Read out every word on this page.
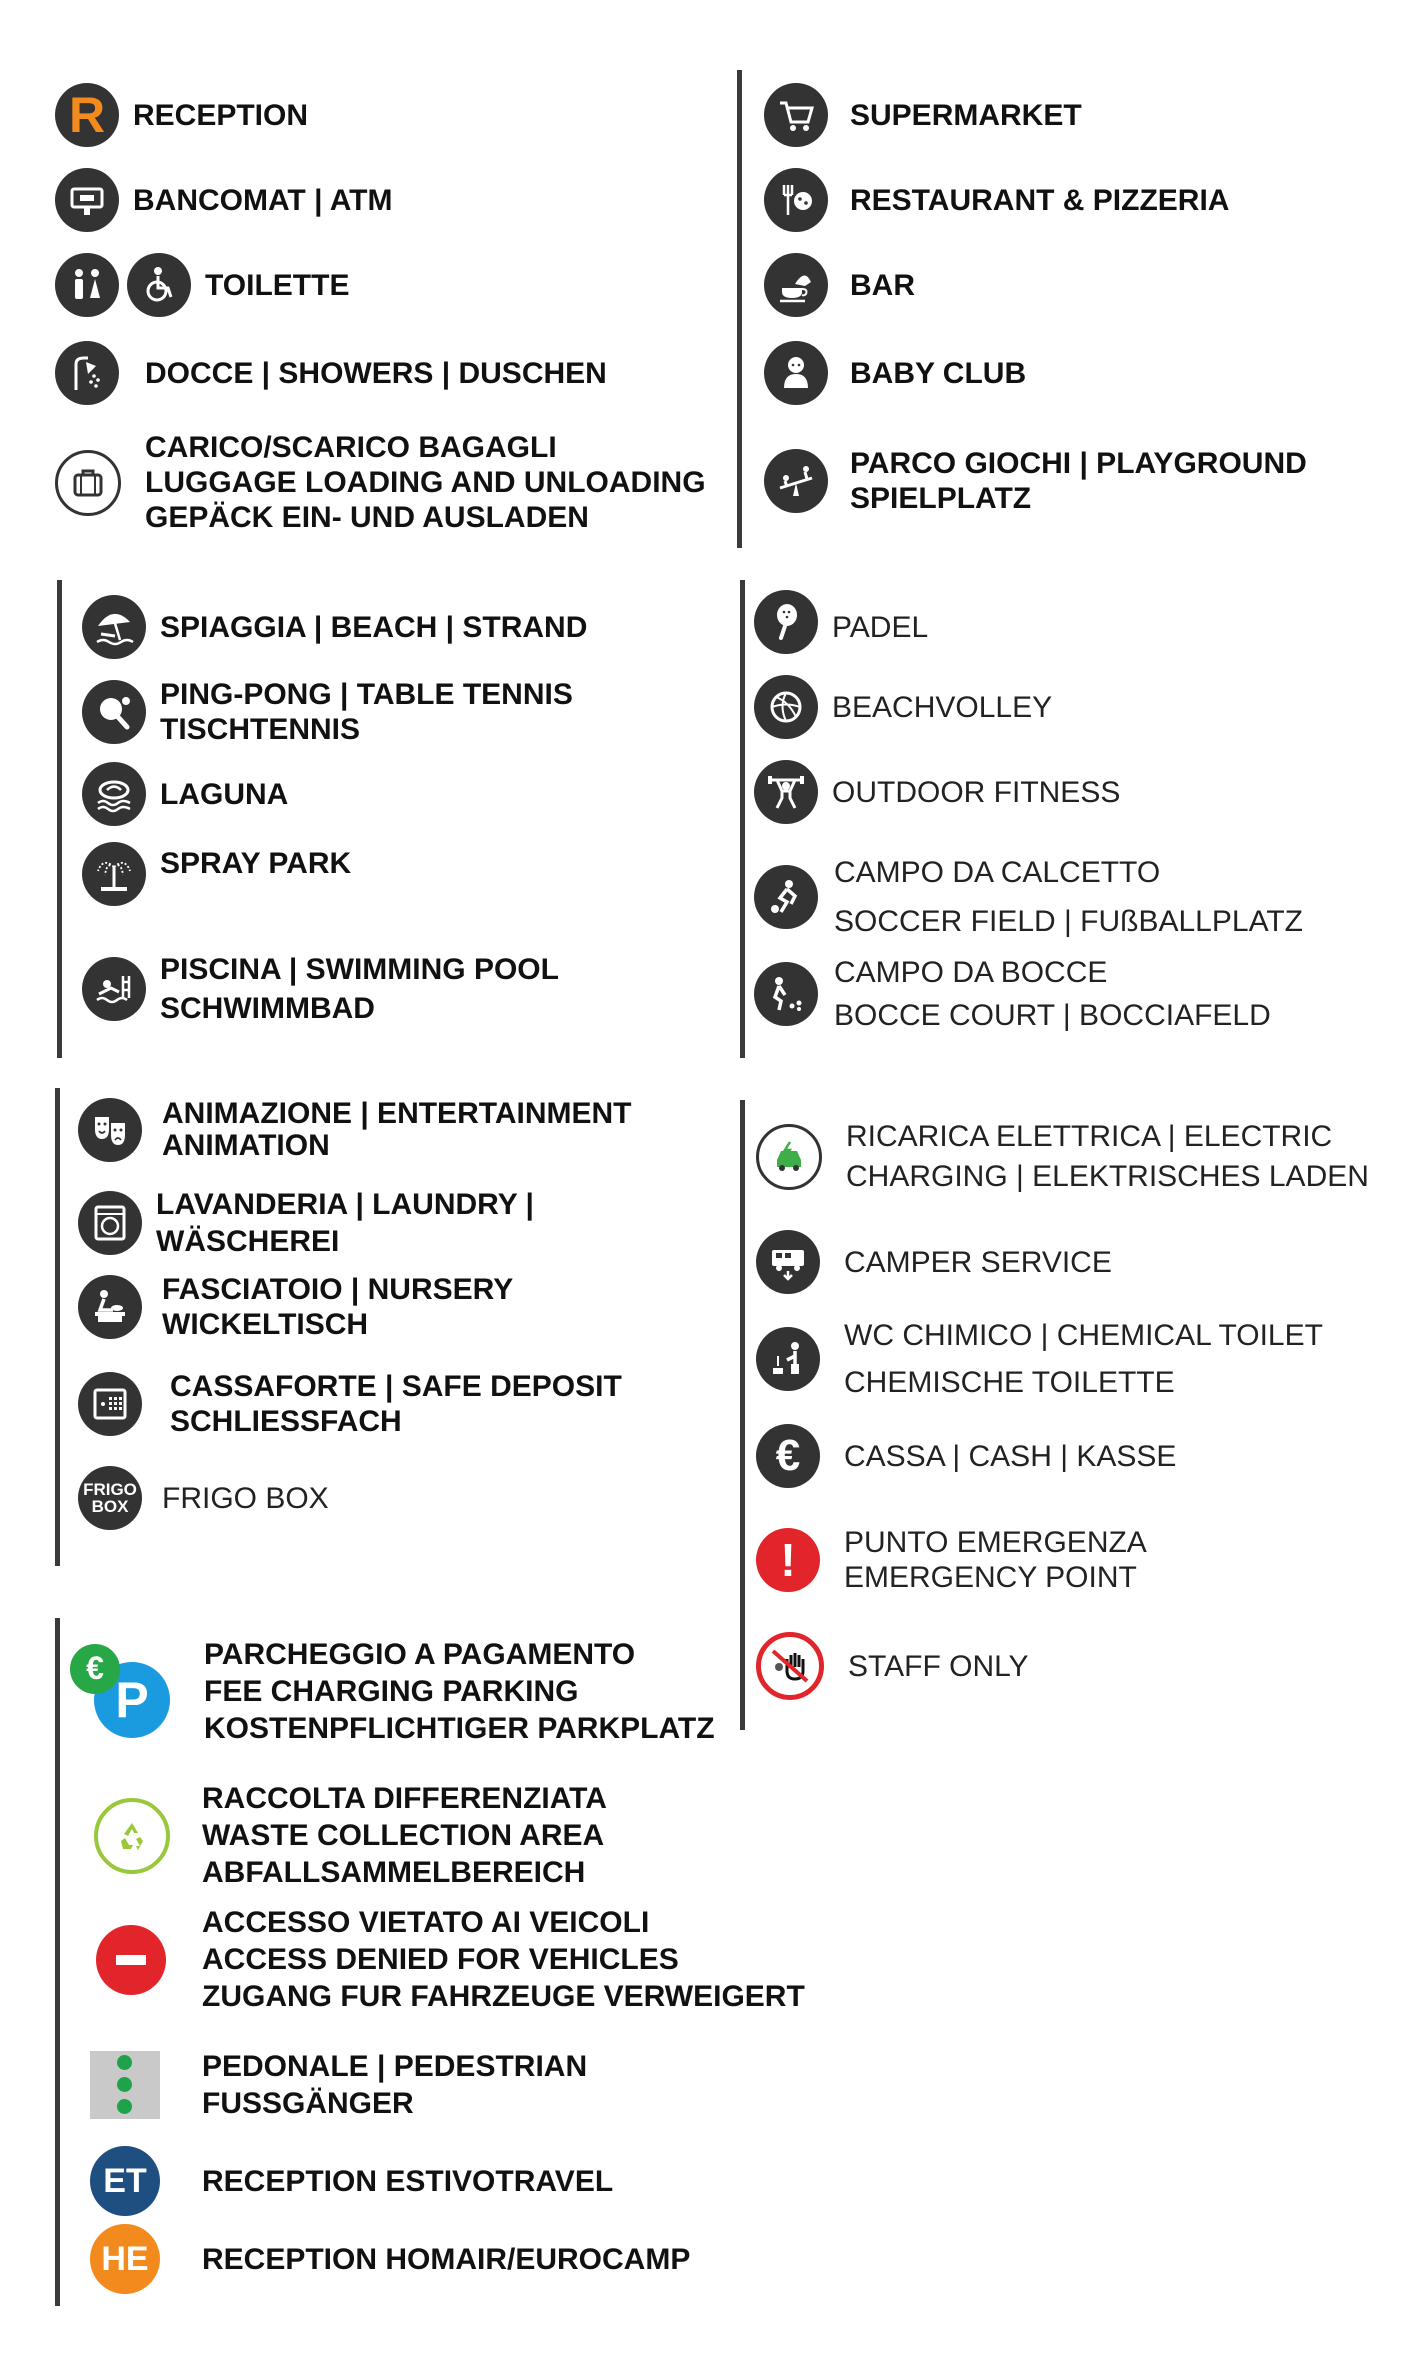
R RECEPTION
BANCOMAT | ATM
TOILETTE
DOCCE | SHOWERS | DUSCHEN
CARICO/SCARICO BAGAGLI
LUGGAGE LOADING AND UNLOADING
GEPÄCK EIN- UND AUSLADEN
SUPERMARKET
RESTAURANT & PIZZERIA
BAR
BABY CLUB
PARCO GIOCHI | PLAYGROUND
SPIELPLATZ
SPIAGGIA | BEACH | STRAND
PING-PONG | TABLE TENNIS
TISCHTENNIS
LAGUNA
SPRAY PARK
PISCINA | SWIMMING POOL
SCHWIMMBAD
PADEL
BEACHVOLLEY
OUTDOOR FITNESS
CAMPO DA CALCETTO
SOCCER FIELD | FUßBALLPLATZ
CAMPO DA BOCCE
BOCCE COURT | BOCCIAFELD
ANIMAZIONE | ENTERTAINMENT
ANIMATION
LAVANDERIA | LAUNDRY |
WÄSCHEREI
FASCIATOIO | NURSERY
WICKELTISCH
CASSAFORTE | SAFE DEPOSIT
SCHLIESSFACH
FRIGO
BOX FRIGO BOX
RICARICA ELETTRICA | ELECTRIC
CHARGING | ELEKTRISCHES LADEN
CAMPER SERVICE
WC CHIMICO | CHEMICAL TOILET
CHEMISCHE TOILETTE
€ CASSA | CASH | KASSE
! PUNTO EMERGENZA
EMERGENCY POINT
STAFF ONLY
P
€	PARCHEGGIO A PAGAMENTO
FEE CHARGING PARKING
KOSTENPFLICHTIGER PARKPLATZ
RACCOLTA DIFFERENZIATA
WASTE COLLECTION AREA
ABFALLSAMMELBEREICH
ACCESSO VIETATO AI VEICOLI
ACCESS DENIED FOR VEHICLES
ZUGANG FUR FAHRZEUGE VERWEIGERT
PEDONALE | PEDESTRIAN
FUSSGÄNGER
ET RECEPTION ESTIVOTRAVEL
HE RECEPTION HOMAIR/EUROCAMP
